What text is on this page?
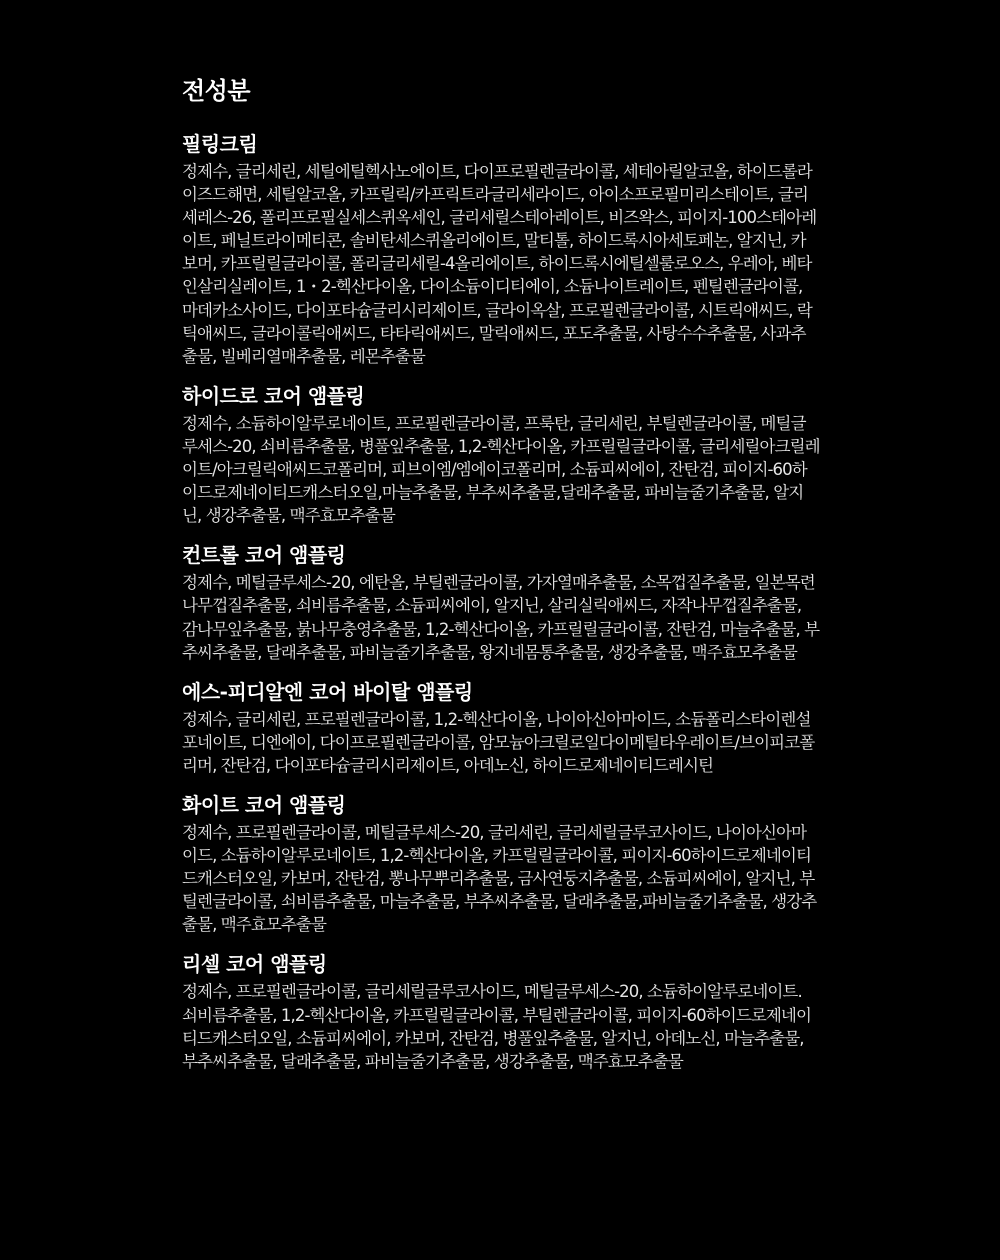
전성분
필링크림

정제수, 글리세린, 세틸에틸헥사노에이트, 다이프로필렌글라이콜, 세테아릴알코올, 하이드롤라이즈드해면, 세틸알코올, 카프릴릭/카프릭트라글리세라이드, 아이소프로필미리스테이트, 글리세레스-26, 폴리프로필실세스퀴옥세인, 글리세릴스테아레이트, 비즈왁스, 피이지-100스테아레이트, 페닐트라이메티콘, 솔비탄세스퀴올리에이트, 말티톨, 하이드록시아세토페논, 알지닌, 카보머, 카프릴릴글라이콜, 폴리글리세릴-4올리에이트, 하이드록시에틸셀룰로오스, 우레아, 베타인살리실레이트, 1・2-헥산다이올, 다이소듐이디티에이, 소듐나이트레이트, 펜틸렌글라이콜, 마데카소사이드, 다이포타슘글리시리제이트, 글라이옥살, 프로필렌글라이콜, 시트릭애씨드, 락틱애씨드, 글라이콜릭애씨드, 타타릭애씨드, 말릭애씨드, 포도추출물, 사탕수수추출물, 사과추출물, 빌베리열매추출물, 레몬추출물

하이드로 코어 앰플링

정제수, 소듐하이알루로네이트, 프로필렌글라이콜, 프룩탄, 글리세린, 부틸렌글라이콜, 메틸글루세스-20, 쇠비름추출물, 병풀잎추출물, 1,2-헥산다이올, 카프릴릴글라이콜, 글리세릴아크릴레이트/아크릴릭애씨드코폴리머, 피브이엠/엠에이코폴리머, 소듐피씨에이, 잔탄검, 피이지-60하이드로제네이티드캐스터오일,마늘추출물, 부추씨추출물,달래추출물, 파비늘줄기추출물, 알지닌, 생강추출물, 맥주효모추출물

컨트롤 코어 앰플링

정제수, 메틸글루세스-20, 에탄올, 부틸렌글라이콜, 가자열매추출물, 소목껍질추출물, 일본목련나무껍질추출물, 쇠비름추출물, 소듐피씨에이, 알지닌, 살리실릭애씨드, 자작나무껍질추출물, 감나무잎추출물, 붉나무충영추출물, 1,2-헥산다이올, 카프릴릴글라이콜, 잔탄검, 마늘추출물, 부추씨추출물, 달래추출물, 파비늘줄기추출물, 왕지네몸통추출물, 생강추출물, 맥주효모추출물

에스-피디알엔 코어 바이탈 앰플링

정제수, 글리세린, 프로필렌글라이콜, 1,2-헥산다이올, 나이아신아마이드, 소듐폴리스타이렌설포네이트, 디엔에이, 다이프로필렌글라이콜, 암모늄아크릴로일다이메틸타우레이트/브이피코폴리머, 잔탄검, 다이포타슘글리시리제이트, 아데노신, 하이드로제네이티드레시틴

화이트 코어 앰플링

정제수, 프로필렌글라이콜, 메틸글루세스-20, 글리세린, 글리세릴글루코사이드, 나이아신아마이드, 소듐하이알루로네이트, 1,2-헥산다이올, 카프릴릴글라이콜, 피이지-60하이드로제네이티드캐스터오일, 카보머, 잔탄검, 뽕나무뿌리추출물, 금사연둥지추출물, 소듐피씨에이, 알지닌, 부틸렌글라이콜, 쇠비름추출물, 마늘추출물, 부추씨추출물, 달래추출물,파비늘줄기추출물, 생강추출물, 맥주효모추출물

리셀 코어 앰플링

정제수, 프로필렌글라이콜, 글리세릴글루코사이드, 메틸글루세스-20, 소듐하이알루로네이트. 쇠비름추출물, 1,2-헥산다이올, 카프릴릴글라이콜, 부틸렌글라이콜, 피이지-60하이드로제네이티드캐스터오일, 소듐피씨에이, 카보머, 잔탄검, 병풀잎추출물, 알지닌, 아데노신, 마늘추출물, 부추씨추출물, 달래추출물, 파비늘줄기추출물, 생강추출물, 맥주효모추출물
